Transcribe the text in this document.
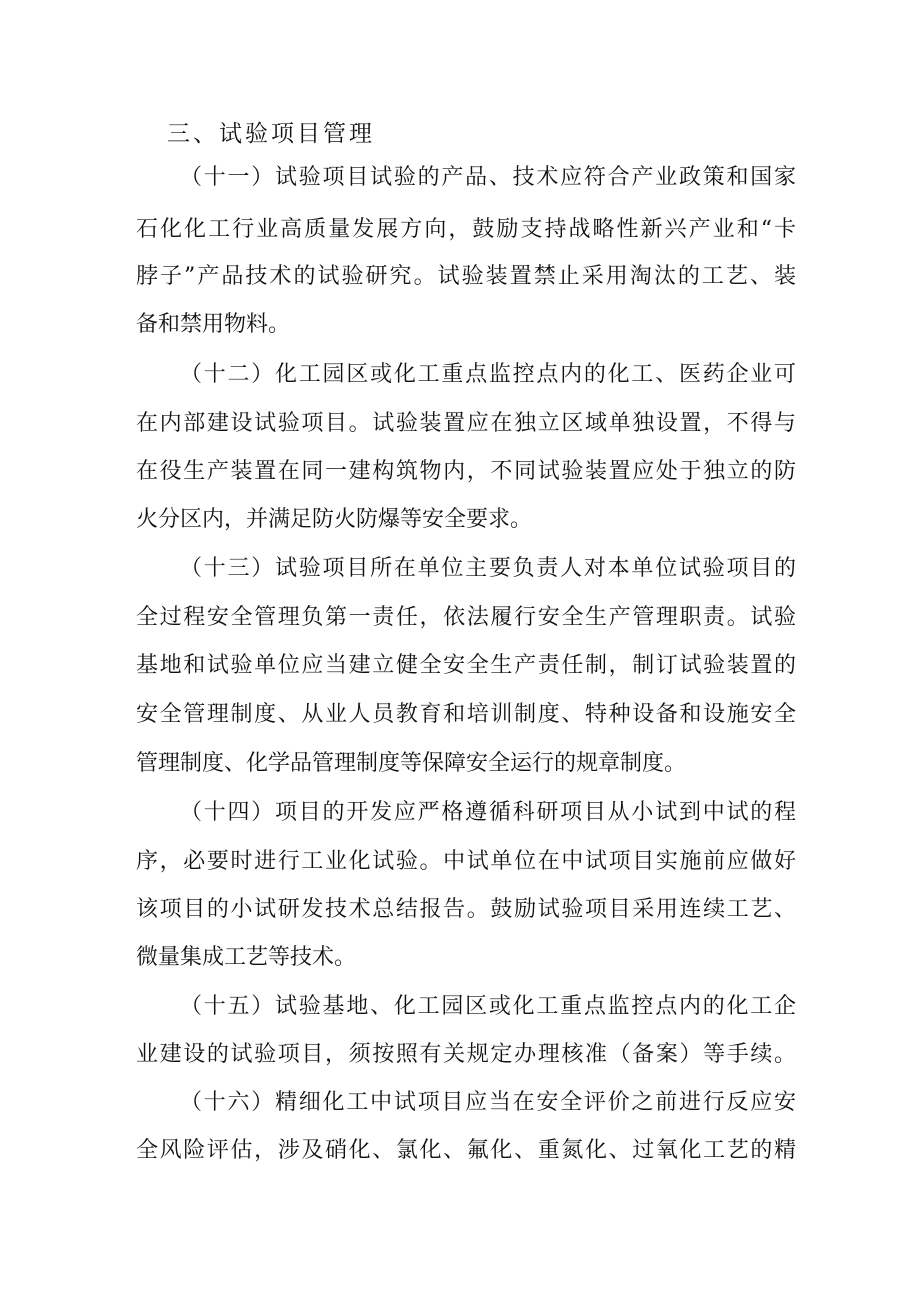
三、试验项目管理
（十一）试验项目试验的产品、技术应符合产业政策和国家
石化化工行业高质量发展方向，鼓励支持战略性新兴产业和“卡
脖子”产品技术的试验研究。试验装置禁止采用淘汰的工艺、装
备和禁用物料。
（十二）化工园区或化工重点监控点内的化工、医药企业可
在内部建设试验项目。试验装置应在独立区域单独设置，不得与
在役生产装置在同一建构筑物内，不同试验装置应处于独立的防
火分区内，并满足防火防爆等安全要求。
（十三）试验项目所在单位主要负责人对本单位试验项目的
全过程安全管理负第一责任，依法履行安全生产管理职责。试验
基地和试验单位应当建立健全安全生产责任制，制订试验装置的
安全管理制度、从业人员教育和培训制度、特种设备和设施安全
管理制度、化学品管理制度等保障安全运行的规章制度。
（十四）项目的开发应严格遵循科研项目从小试到中试的程
序，必要时进行工业化试验。中试单位在中试项目实施前应做好
该项目的小试研发技术总结报告。鼓励试验项目采用连续工艺、
微量集成工艺等技术。
（十五）试验基地、化工园区或化工重点监控点内的化工企
业建设的试验项目，须按照有关规定办理核准（备案）等手续。
（十六）精细化工中试项目应当在安全评价之前进行反应安
全风险评估，涉及硝化、氯化、氟化、重氮化、过氧化工艺的精
